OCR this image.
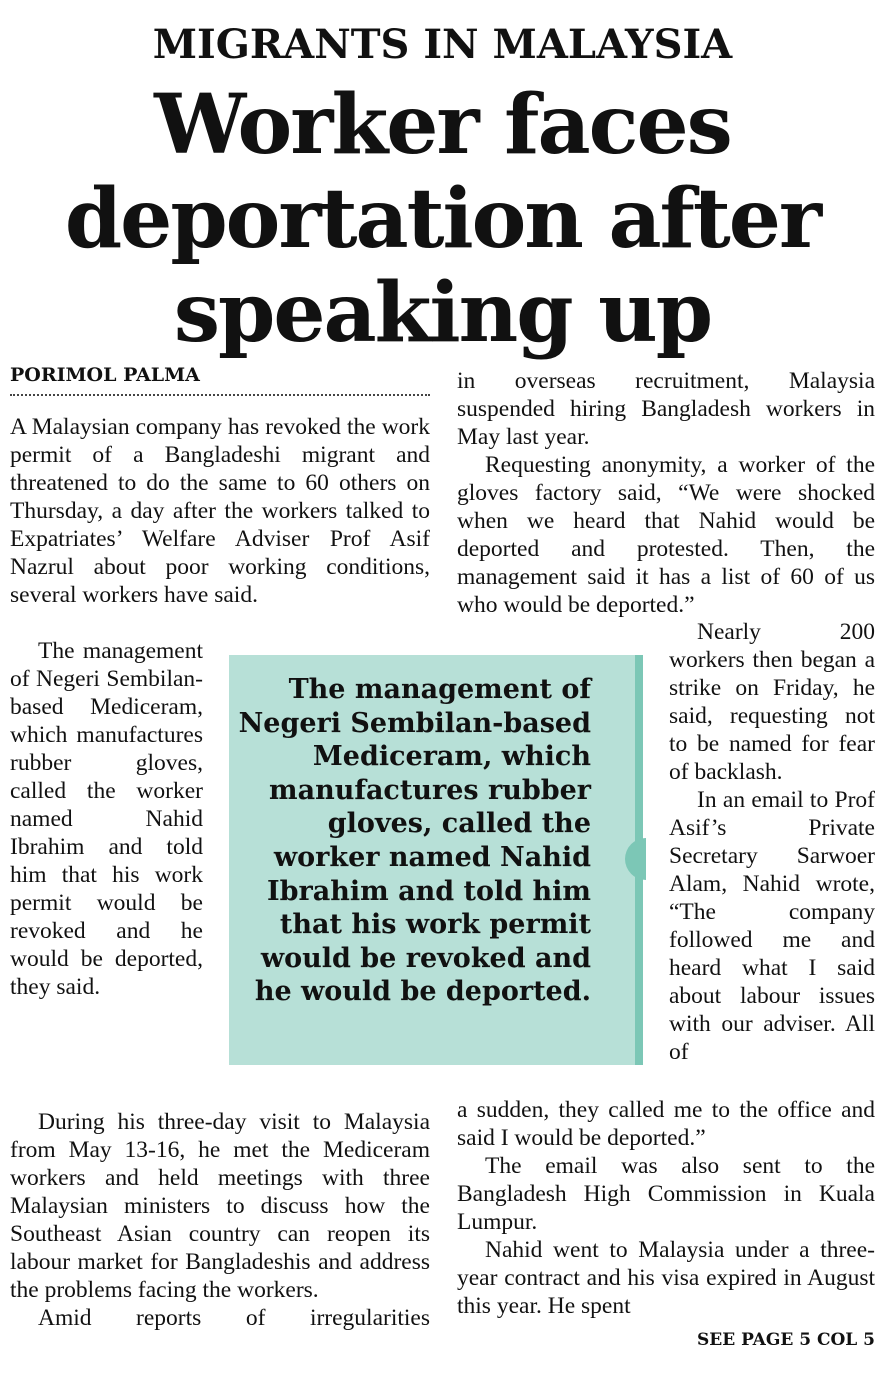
MIGRANTS IN MALAYSIA
Worker faces
deportation after
speaking up
PORIMOL PALMA

A Malaysian company has revoked the work permit of a Bangladeshi migrant and threatened to do the same to 60 others on Thursday, a day after the workers talked to Expatriates’ Welfare Adviser Prof Asif Nazrul about poor working conditions, several workers have said.

The management of Negeri Sembilan-based Mediceram, which manufactures rubber gloves, called the worker named Nahid Ibrahim and told him that his work permit would be revoked and he would be deported, they said.

During his three-day visit to Malaysia from May 13-16, he met the Mediceram workers and held meetings with three Malaysian ministers to discuss how the Southeast Asian country can reopen its labour market for Bangladeshis and address the problems facing the workers.

Amid reports of irregularities

in overseas recruitment, Malaysia suspended hiring Bangladesh workers in May last year.

Requesting anonymity, a worker of the gloves factory said, “We were shocked when we heard that Nahid would be deported and protested. Then, the management said it has a list of 60 of us who would be deported.”

Nearly 200 workers then began a strike on Friday, he said, requesting not to be named for fear of backlash.

In an email to Prof Asif’s Private Secretary Sarwoer Alam, Nahid wrote, “The company followed me and heard what I said about labour issues with our adviser. All of

a sudden, they called me to the office and said I would be deported.”

The email was also sent to the Bangladesh High Commission in Kuala Lumpur.

Nahid went to Malaysia under a three-year contract and his visa expired in August this year. He spent

The management of Negeri Sembilan-based Mediceram, which manufactures rubber gloves, called the worker named Nahid Ibrahim and told him that his work permit would be revoked and he would be deported.
SEE PAGE 5 COL 5
